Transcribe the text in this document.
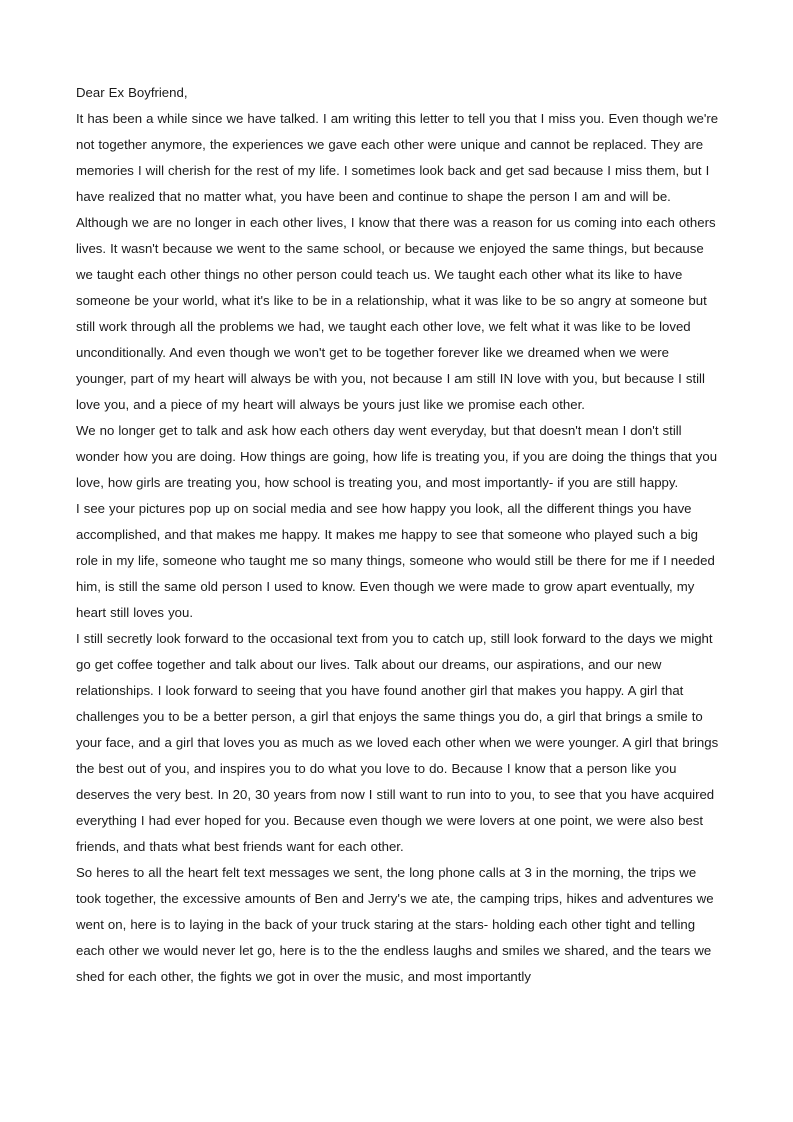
Dear Ex Boyfriend,

It has been a while since we have talked. I am writing this letter to tell you that I miss you. Even though we're not together anymore, the experiences we gave each other were unique and cannot be replaced. They are memories I will cherish for the rest of my life. I sometimes look back and get sad because I miss them, but I have realized that no matter what, you have been and continue to shape the person I am and will be. Although we are no longer in each other lives, I know that there was a reason for us coming into each others lives. It wasn't because we went to the same school, or because we enjoyed the same things, but because we taught each other things no other person could teach us. We taught each other what its like to have someone be your world, what it's like to be in a relationship, what it was like to be so angry at someone but still work through all the problems we had, we taught each other love, we felt what it was like to be loved unconditionally. And even though we won't get to be together forever like we dreamed when we were younger, part of my heart will always be with you, not because I am still IN love with you, but because I still love you, and a piece of my heart will always be yours just like we promise each other.

We no longer get to talk and ask how each others day went everyday, but that doesn't mean I don't still wonder how you are doing. How things are going, how life is treating you, if you are doing the things that you love, how girls are treating you, how school is treating you, and most importantly- if you are still happy.

I see your pictures pop up on social media and see how happy you look, all the different things you have accomplished, and that makes me happy. It makes me happy to see that someone who played such a big role in my life, someone who taught me so many things, someone who would still be there for me if I needed him, is still the same old person I used to know. Even though we were made to grow apart eventually, my heart still loves you.

I still secretly look forward to the occasional text from you to catch up, still look forward to the days we might go get coffee together and talk about our lives. Talk about our dreams, our aspirations, and our new relationships. I look forward to seeing that you have found another girl that makes you happy. A girl that challenges you to be a better person, a girl that enjoys the same things you do, a girl that brings a smile to your face, and a girl that loves you as much as we loved each other when we were younger. A girl that brings the best out of you, and inspires you to do what you love to do. Because I know that a person like you deserves the very best. In 20, 30 years from now I still want to run into to you, to see that you have acquired everything I had ever hoped for you. Because even though we were lovers at one point, we were also best friends, and thats what best friends want for each other.

So heres to all the heart felt text messages we sent, the long phone calls at 3 in the morning, the trips we took together, the excessive amounts of Ben and Jerry's we ate, the camping trips, hikes and adventures we went on, here is to laying in the back of your truck staring at the stars- holding each other tight and telling each other we would never let go, here is to the the endless laughs and smiles we shared, and the tears we shed for each other, the fights we got in over the music, and most importantly
